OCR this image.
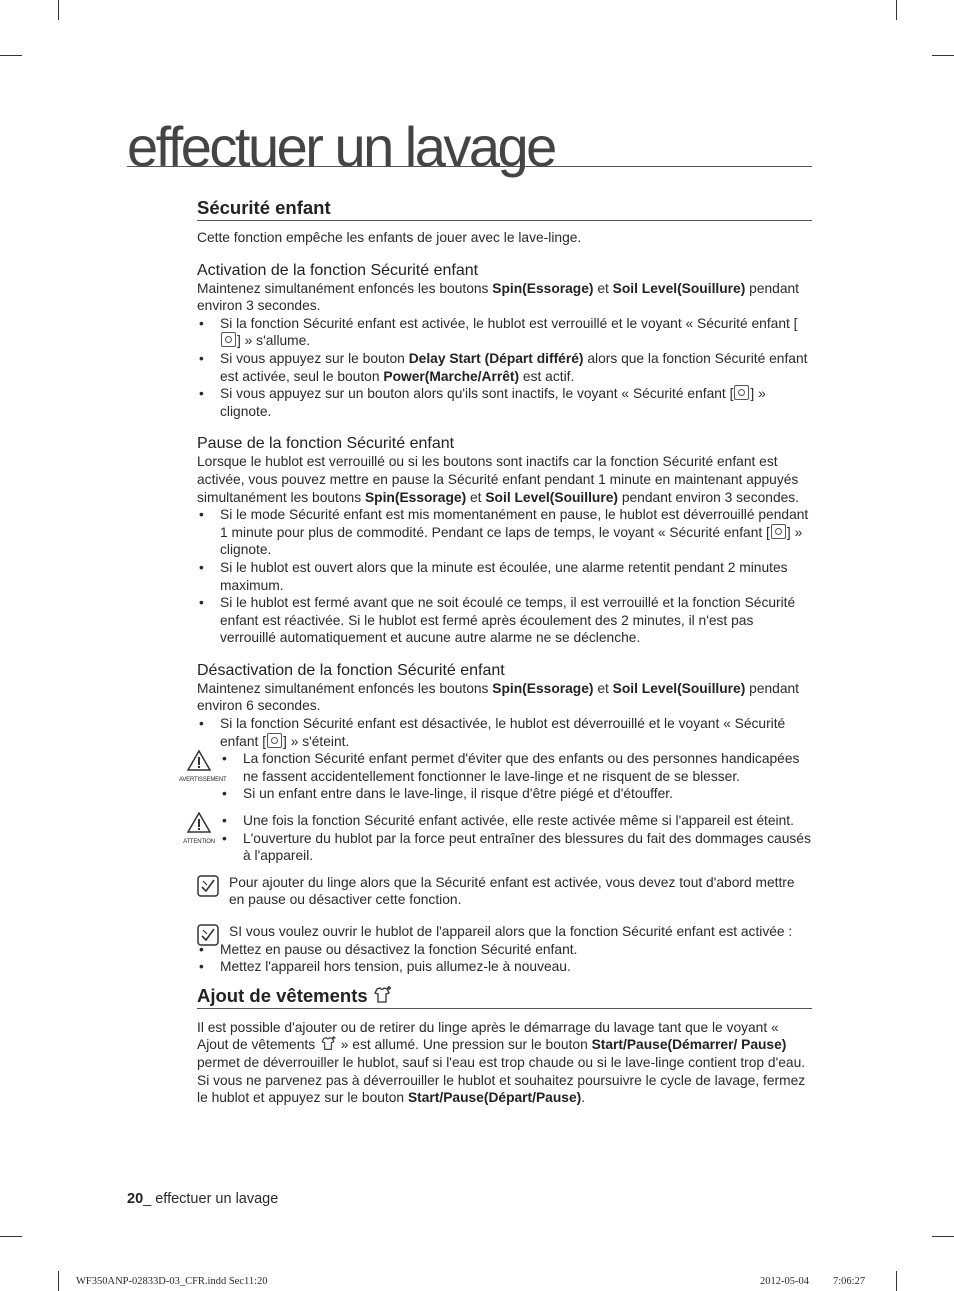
effectuer un lavage
Sécurité enfant

Cette fonction empêche les enfants de jouer avec le lave-linge.

Activation de la fonction Sécurité enfant

Maintenez simultanément enfoncés les boutons Spin(Essorage) et Soil Level(Souillure) pendant environ 3 secondes.

• Si la fonction Sécurité enfant est activée, le hublot est verrouillé et le voyant « Sécurité enfant [] » s'allume.
• Si vous appuyez sur le bouton Delay Start (Départ différé) alors que la fonction Sécurité enfant est activée, seul le bouton Power(Marche/Arrêt) est actif.
• Si vous appuyez sur un bouton alors qu'ils sont inactifs, le voyant « Sécurité enfant [ ] » clignote.
Pause de la fonction Sécurité enfant

Lorsque le hublot est verrouillé ou si les boutons sont inactifs car la fonction Sécurité enfant est activée, vous pouvez mettre en pause la Sécurité enfant pendant 1 minute en maintenant appuyés simultanément les boutons Spin(Essorage) et Soil Level(Souillure) pendant environ 3 secondes.

• Si le mode Sécurité enfant est mis momentanément en pause, le hublot est déverrouillé pendant 1 minute pour plus de commodité. Pendant ce laps de temps, le voyant « Sécurité enfant [ ] » clignote.
• Si le hublot est ouvert alors que la minute est écoulée, une alarme retentit pendant 2 minutes maximum.
• Si le hublot est fermé avant que ne soit écoulé ce temps, il est verrouillé et la fonction Sécurité enfant est réactivée. Si le hublot est fermé après écoulement des 2 minutes, il n'est pas verrouillé automatiquement et aucune autre alarme ne se déclenche.
Désactivation de la fonction Sécurité enfant

Maintenez simultanément enfoncés les boutons Spin(Essorage) et Soil Level(Souillure) pendant environ 6 secondes.

• Si la fonction Sécurité enfant est désactivée, le hublot est déverrouillé et le voyant « Sécurité enfant [ ] » s'éteint.
AVERTISSEMENT
• La fonction Sécurité enfant permet d'éviter que des enfants ou des personnes handicapées ne fassent accidentellement fonctionner le lave-linge et ne risquent de se blesser.
• Si un enfant entre dans le lave-linge, il risque d'être piégé et d'étouffer.
ATTENTION
• Une fois la fonction Sécurité enfant activée, elle reste activée même si l'appareil est éteint.
• L'ouverture du hublot par la force peut entraîner des blessures du fait des dommages causés à l'appareil.

Pour ajouter du linge alors que la Sécurité enfant est activée, vous devez tout d'abord mettre en pause ou désactiver cette fonction.

SI vous voulez ouvrir le hublot de l'appareil alors que la fonction Sécurité enfant est activée :

• Mettez en pause ou désactivez la fonction Sécurité enfant.
• Mettez l'appareil hors tension, puis allumez-le à nouveau.
Ajout de vêtements

Il est possible d'ajouter ou de retirer du linge après le démarrage du lavage tant que le voyant « Ajout de vêtements  » est allumé. Une pression sur le bouton Start/Pause(Démarrer/ Pause) permet de déverrouiller le hublot, sauf si l'eau est trop chaude ou si le lave-linge contient trop d'eau. Si vous ne parvenez pas à déverrouiller le hublot et souhaitez poursuivre le cycle de lavage, fermez le hublot et appuyez sur le bouton Start/Pause(Départ/Pause).

20_ effectuer un lavage
WF350ANP-02833D-03_CFR.indd Sec11:20	2012-05-04 7:06:27
